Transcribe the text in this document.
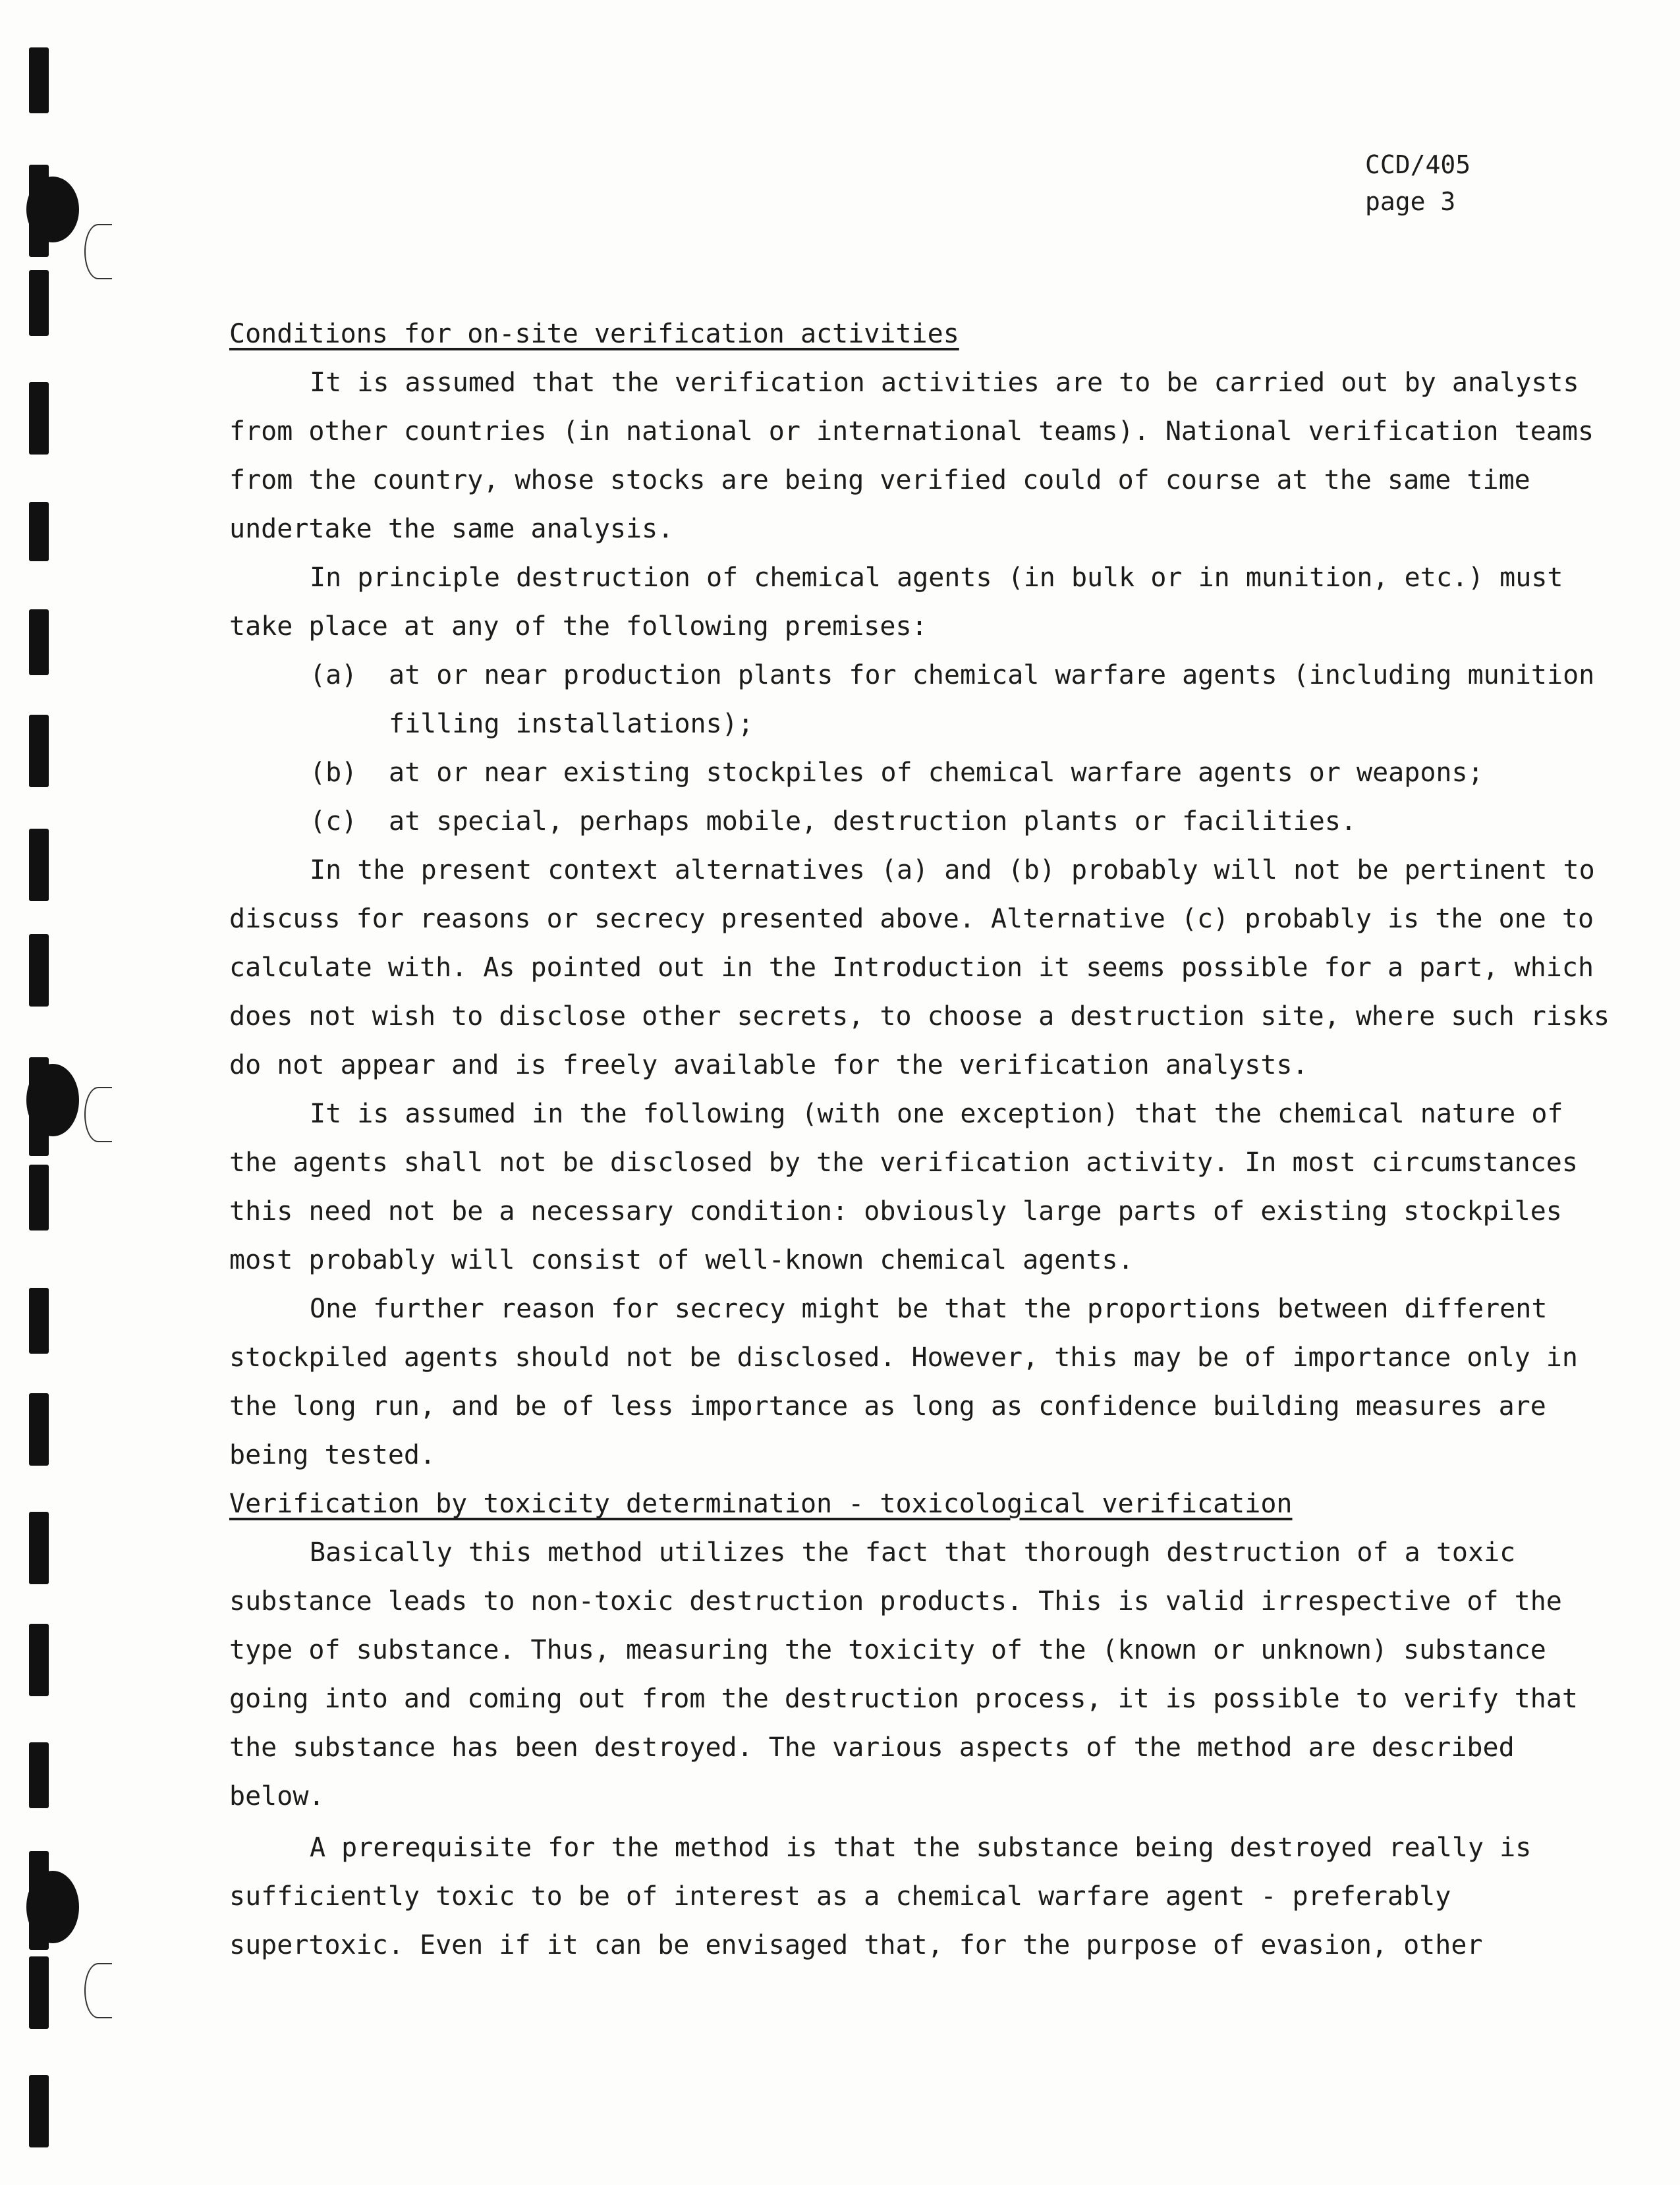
CCD/405
page 3

Conditions for on-site verification activities

It is assumed that the verification activities are to be carried out by analysts from other countries (in national or international teams). National verification teams from the country, whose stocks are being verified could of course at the same time undertake the same analysis.

In principle destruction of chemical agents (in bulk or in munition, etc.) must take place at any of the following premises:

(a)	at or near production plants for chemical warfare agents (including munition filling installations);
(b)	at or near existing stockpiles of chemical warfare agents or weapons;
(c)	at special, perhaps mobile, destruction plants or facilities.

In the present context alternatives (a) and (b) probably will not be pertinent to discuss for reasons or secrecy presented above. Alternative (c) probably is the one to calculate with. As pointed out in the Introduction it seems possible for a part, which does not wish to disclose other secrets, to choose a destruction site, where such risks do not appear and is freely available for the verification analysts.

It is assumed in the following (with one exception) that the chemical nature of the agents shall not be disclosed by the verification activity. In most circumstances this need not be a necessary condition: obviously large parts of existing stockpiles most probably will consist of well-known chemical agents.

One further reason for secrecy might be that the proportions between different stockpiled agents should not be disclosed. However, this may be of importance only in the long run, and be of less importance as long as confidence building measures are being tested.

Verification by toxicity determination - toxicological verification

Basically this method utilizes the fact that thorough destruction of a toxic substance leads to non-toxic destruction products. This is valid irrespective of the type of substance. Thus, measuring the toxicity of the (known or unknown) substance going into and coming out from the destruction process, it is possible to verify that the substance has been destroyed. The various aspects of the method are described below.

A prerequisite for the method is that the substance being destroyed really is sufficiently toxic to be of interest as a chemical warfare agent - preferably supertoxic. Even if it can be envisaged that, for the purpose of evasion, other
